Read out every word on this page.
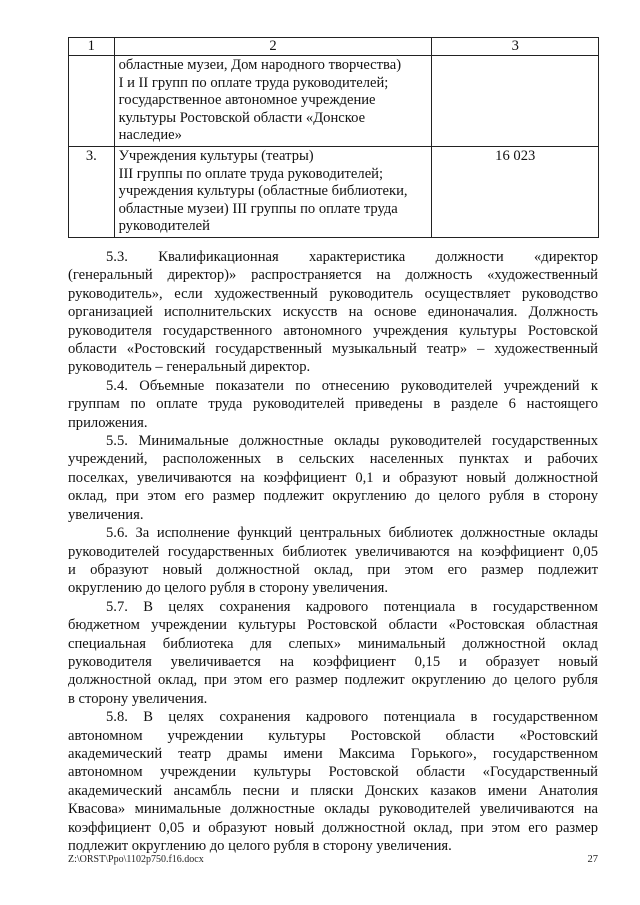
1	2	3

	областные музеи, Дом народного творчества)
I и II групп по оплате труда руководителей;
государственное автономное учреждение
культуры Ростовской области «Донское
наследие»	

3.	Учреждения культуры (театры)
III группы по оплате труда руководителей;
учреждения культуры (областные библиотеки,
областные музеи) III группы по оплате труда
руководителей	16 023

5.3. Квалификационная характеристика должности «директор
(генеральный директор)» распространяется на должность «художественный
руководитель», если художественный руководитель осуществляет руководство
организацией исполнительских искусств на основе единоначалия. Должность
руководителя государственного автономного учреждения культуры Ростовской
области «Ростовский государственный музыкальный театр» – художественный
руководитель – генеральный директор.

5.4. Объемные показатели по отнесению руководителей учреждений к
группам по оплате труда руководителей приведены в разделе 6 настоящего
приложения.

5.5. Минимальные должностные оклады руководителей государственных
учреждений, расположенных в сельских населенных пунктах и рабочих
поселках, увеличиваются на коэффициент 0,1 и образуют новый должностной
оклад, при этом его размер подлежит округлению до целого рубля в сторону
увеличения.

5.6. За исполнение функций центральных библиотек должностные оклады
руководителей государственных библиотек увеличиваются на коэффициент 0,05
и образуют новый должностной оклад, при этом его размер подлежит
округлению до целого рубля в сторону увеличения.

5.7. В целях сохранения кадрового потенциала в государственном
бюджетном учреждении культуры Ростовской области «Ростовская областная
специальная библиотека для слепых» минимальный должностной оклад
руководителя увеличивается на коэффициент 0,15 и образует новый
должностной оклад, при этом его размер подлежит округлению до целого рубля
в сторону увеличения.

5.8. В целях сохранения кадрового потенциала в государственном
автономном учреждении культуры Ростовской области «Ростовский
академический театр драмы имени Максима Горького», государственном
автономном учреждении культуры Ростовской области «Государственный
академический ансамбль песни и пляски Донских казаков имени Анатолия
Квасова» минимальные должностные оклады руководителей увеличиваются на
коэффициент 0,05 и образуют новый должностной оклад, при этом его размер
подлежит округлению до целого рубля в сторону увеличения.

Z:\ORST\Ppo\1102p750.f16.docx	27
